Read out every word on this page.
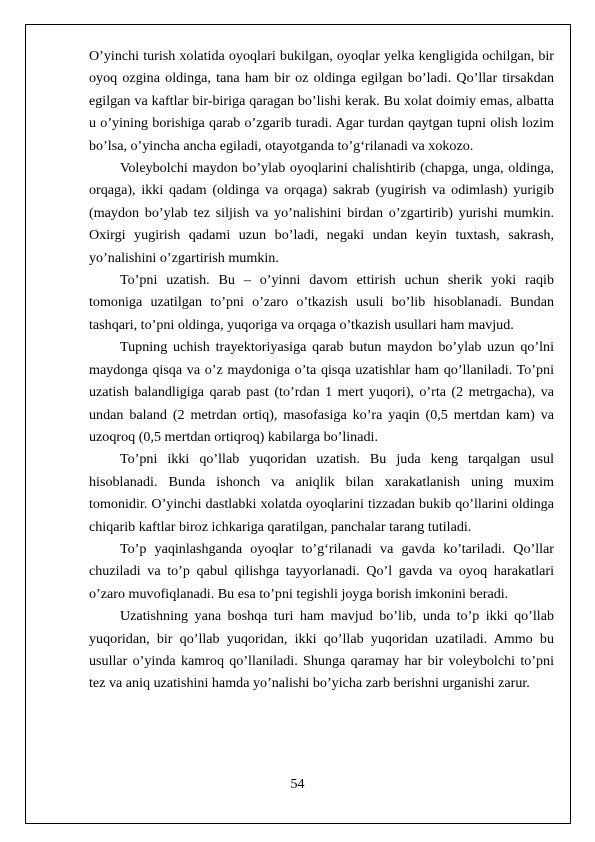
O’yinchi turish xolatida oyoqlari bukilgan, oyoqlar yelka kengligida ochilgan, bir oyoq ozgina oldinga, tana ham bir oz oldinga egilgan bo’ladi. Qo’llar tirsakdan egilgan va kaftlar bir-biriga qaragan bo’lishi kerak. Bu xolat doimiy emas, albatta u o’yining borishiga qarab o’zgarib turadi. Agar turdan qaytgan tupni olish lozim bo’lsa, o’yincha ancha egiladi, otayotganda to’g‘rilanadi va xokozo.

Voleybolchi maydon bo’ylab oyoqlarini chalishtirib (chapga, unga, oldinga, orqaga), ikki qadam (oldinga va orqaga) sakrab (yugirish va odimlash) yurigib (maydon bo’ylab tez siljish va yo’nalishini birdan o’zgartirib) yurishi mumkin. Oxirgi yugirish qadami uzun bo’ladi, negaki undan keyin tuxtash, sakrash, yo’nalishini o’zgartirish mumkin.

To’pni uzatish. Bu – o’yinni davom ettirish uchun sherik yoki raqib tomoniga uzatilgan to’pni o’zaro o’tkazish usuli bo’lib hisoblanadi. Bundan tashqari, to’pni oldinga, yuqoriga va orqaga o’tkazish usullari ham mavjud.

Tupning uchish trayektoriyasiga qarab butun maydon bo’ylab uzun qo’lni maydonga qisqa va o’z maydoniga o’ta qisqa uzatishlar ham qo’llaniladi. To’pni uzatish balandligiga qarab past (to’rdan 1 mert yuqori), o’rta (2 metrgacha), va undan baland (2 metrdan ortiq), masofasiga ko’ra yaqin (0,5 mertdan kam) va uzoqroq (0,5 mertdan ortiqroq) kabilarga bo’linadi.

To’pni ikki qo’llab yuqoridan uzatish. Bu juda keng tarqalgan usul hisoblanadi. Bunda ishonch va aniqlik bilan xarakatlanish uning muxim tomonidir. O’yinchi dastlabki xolatda oyoqlarini tizzadan bukib qo’llarini oldinga chiqarib kaftlar biroz ichkariga qaratilgan, panchalar tarang tutiladi.

To’p yaqinlashganda oyoqlar to’g‘rilanadi va gavda ko’tariladi. Qo’llar chuziladi va to’p qabul qilishga tayyorlanadi. Qo’l gavda va oyoq harakatlari o’zaro muvofiqlanadi. Bu esa to’pni tegishli joyga borish imkonini beradi.

Uzatishning yana boshqa turi ham mavjud bo’lib, unda to’p ikki qo’llab yuqoridan, bir qo’llab yuqoridan, ikki qo’llab yuqoridan uzatiladi. Ammo bu usullar o’yinda kamroq qo’llaniladi. Shunga qaramay har bir voleybolchi to’pni tez va aniq uzatishini hamda yo’nalishi bo’yicha zarb berishni urganishi zarur.

54
